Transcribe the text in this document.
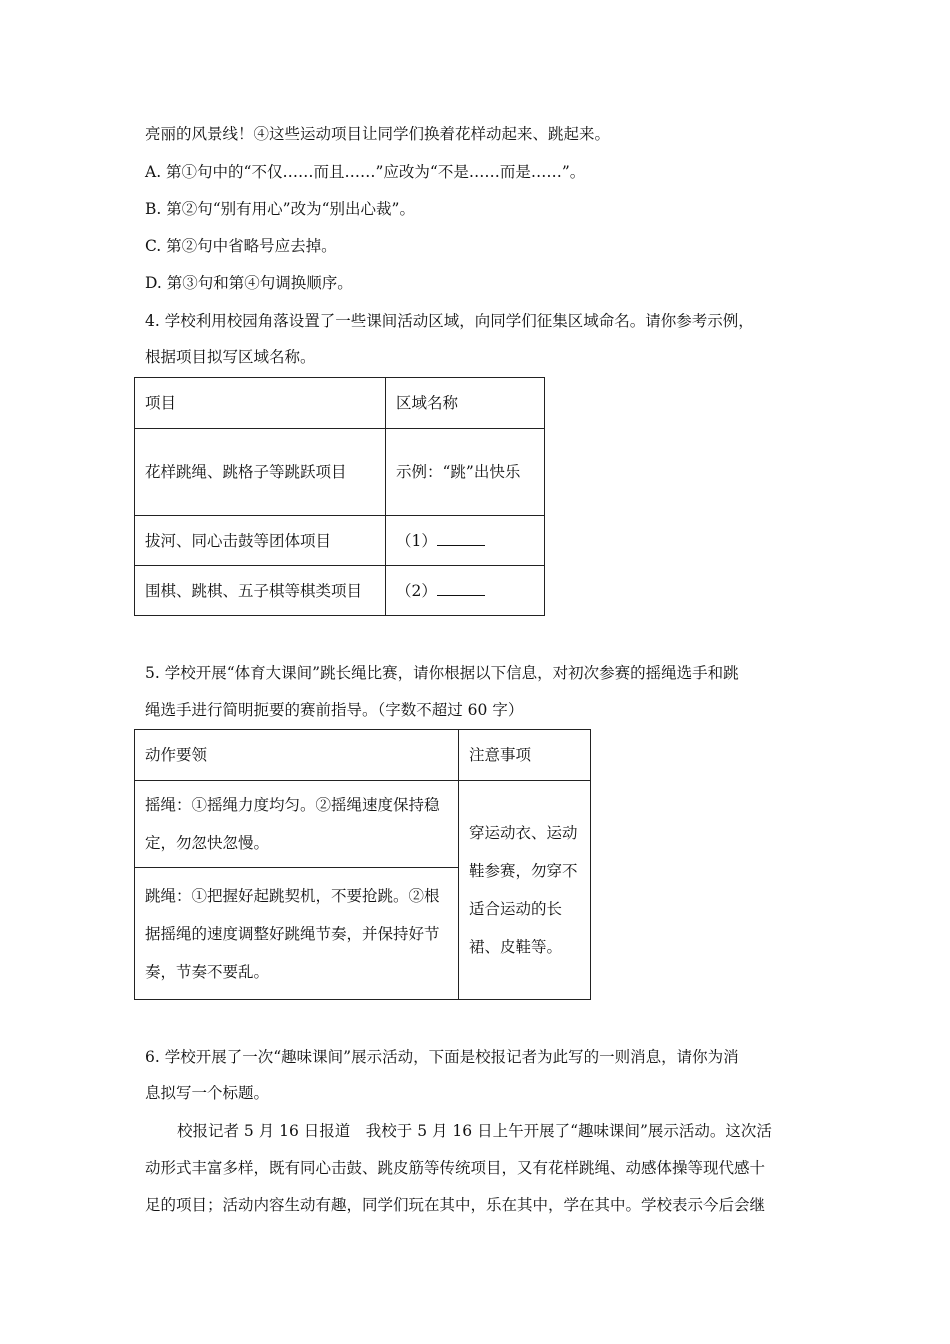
亮丽的风景线！④这些运动项目让同学们换着花样动起来、跳起来。
A. 第①句中的“不仅……而且……”应改为“不是……而是……”。
B. 第②句“别有用心”改为“别出心裁”。
C. 第②句中省略号应去掉。
D. 第③句和第④句调换顺序。
4. 学校利用校园角落设置了一些课间活动区域，向同学们征集区域命名。请你参考示例，
根据项目拟写区域名称。
项目	区域名称
花样跳绳、跳格子等跳跃项目	示例：“跳”出快乐
拔河、同心击鼓等团体项目	（1）
围棋、跳棋、五子棋等棋类项目	（2）
5. 学校开展“体育大课间”跳长绳比赛，请你根据以下信息，对初次参赛的摇绳选手和跳
绳选手进行简明扼要的赛前指导。（字数不超过 60 字）
动作要领	注意事项
摇绳：①摇绳力度均匀。②摇绳速度保持稳定，勿忽快忽慢。	穿运动衣、运动鞋参赛，勿穿不适合运动的长裙、皮鞋等。
跳绳：①把握好起跳契机，不要抢跳。②根据摇绳的速度调整好跳绳节奏，并保持好节奏，节奏不要乱。	
6. 学校开展了一次“趣味课间”展示活动，下面是校报记者为此写的一则消息，请你为消
息拟写一个标题。
校报记者 5 月 16 日报道　我校于 5 月 16 日上午开展了“趣味课间”展示活动。这次活
动形式丰富多样，既有同心击鼓、跳皮筋等传统项目，又有花样跳绳、动感体操等现代感十
足的项目；活动内容生动有趣，同学们玩在其中，乐在其中，学在其中。学校表示今后会继
